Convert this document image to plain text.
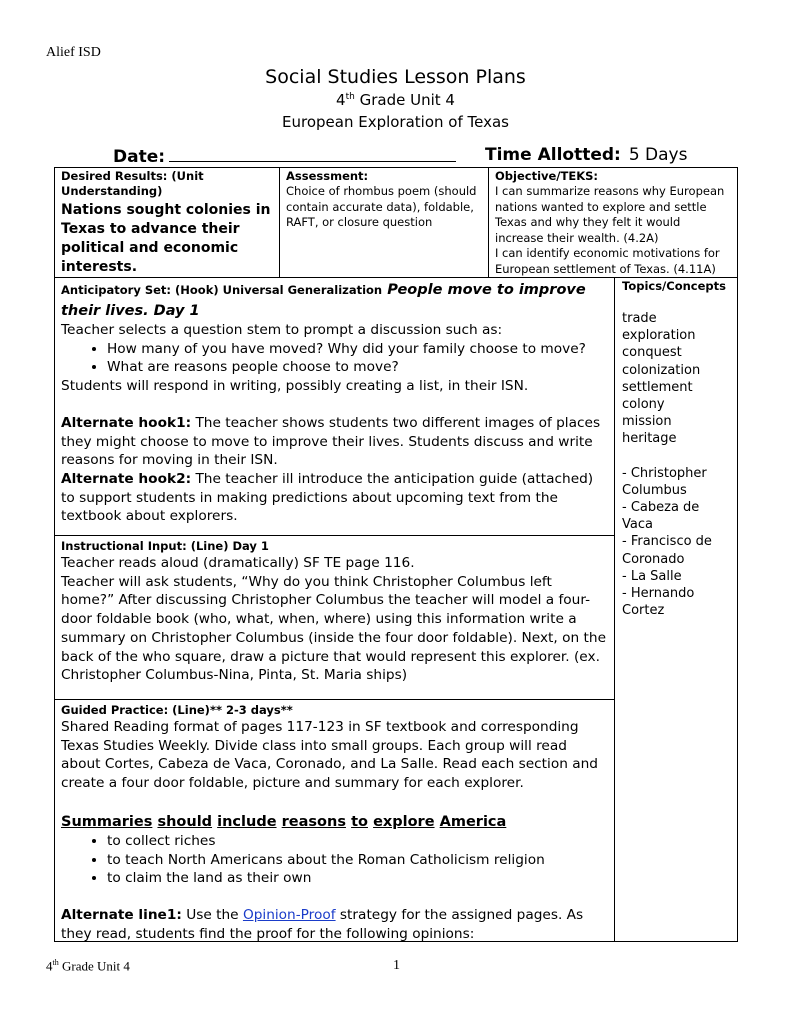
Alief ISD
Social Studies Lesson Plans
4th Grade Unit 4
European Exploration of Texas
Date:	Time Allotted: 5 Days
Desired Results: (Unit Understanding)
Nations sought colonies in Texas to advance their political and economic interests.
Assessment:
Choice of rhombus poem (should contain accurate data), foldable, RAFT, or closure question
Objective/TEKS:
I can summarize reasons why European nations wanted to explore and settle Texas and why they felt it would increase their wealth. (4.2A)
I can identify economic motivations for European settlement of Texas. (4.11A)
Anticipatory Set: (Hook) Universal Generalization People move to improve their lives. Day 1

Teacher selects a question stem to prompt a discussion such as:

• How many of you have moved? Why did your family choose to move?
• What are reasons people choose to move?

Students will respond in writing, possibly creating a list, in their ISN.

Alternate hook1: The teacher shows students two different images of places they might choose to move to improve their lives. Students discuss and write reasons for moving in their ISN.

Alternate hook2: The teacher ill introduce the anticipation guide (attached) to support students in making predictions about upcoming text from the textbook about explorers.

Topics/Concepts
trade
exploration
conquest
colonization
settlement
colony
mission
heritage
- Christopher Columbus
- Cabeza de Vaca
- Francisco de Coronado
- La Salle
- Hernando Cortez
Instructional Input: (Line) Day 1

Teacher reads aloud (dramatically) SF TE page 116.

Teacher will ask students, “Why do you think Christopher Columbus left home?” After discussing Christopher Columbus the teacher will model a four-door foldable book (who, what, when, where) using this information write a summary on Christopher Columbus (inside the four door foldable). Next, on the back of the who square, draw a picture that would represent this explorer. (ex. Christopher Columbus-Nina, Pinta, St. Maria ships)

Guided Practice: (Line)** 2-3 days**

Shared Reading format of pages 117-123 in SF textbook and corresponding Texas Studies Weekly. Divide class into small groups. Each group will read about Cortes, Cabeza de Vaca, Coronado, and La Salle. Read each section and create a four door foldable, picture and summary for each explorer.

Summaries should include reasons to explore America

• to collect riches
• to teach North Americans about the Roman Catholicism religion
• to claim the land as their own

Alternate line1: Use the Opinion-Proof strategy for the assigned pages. As they read, students find the proof for the following opinions:

4th Grade Unit 4	1
